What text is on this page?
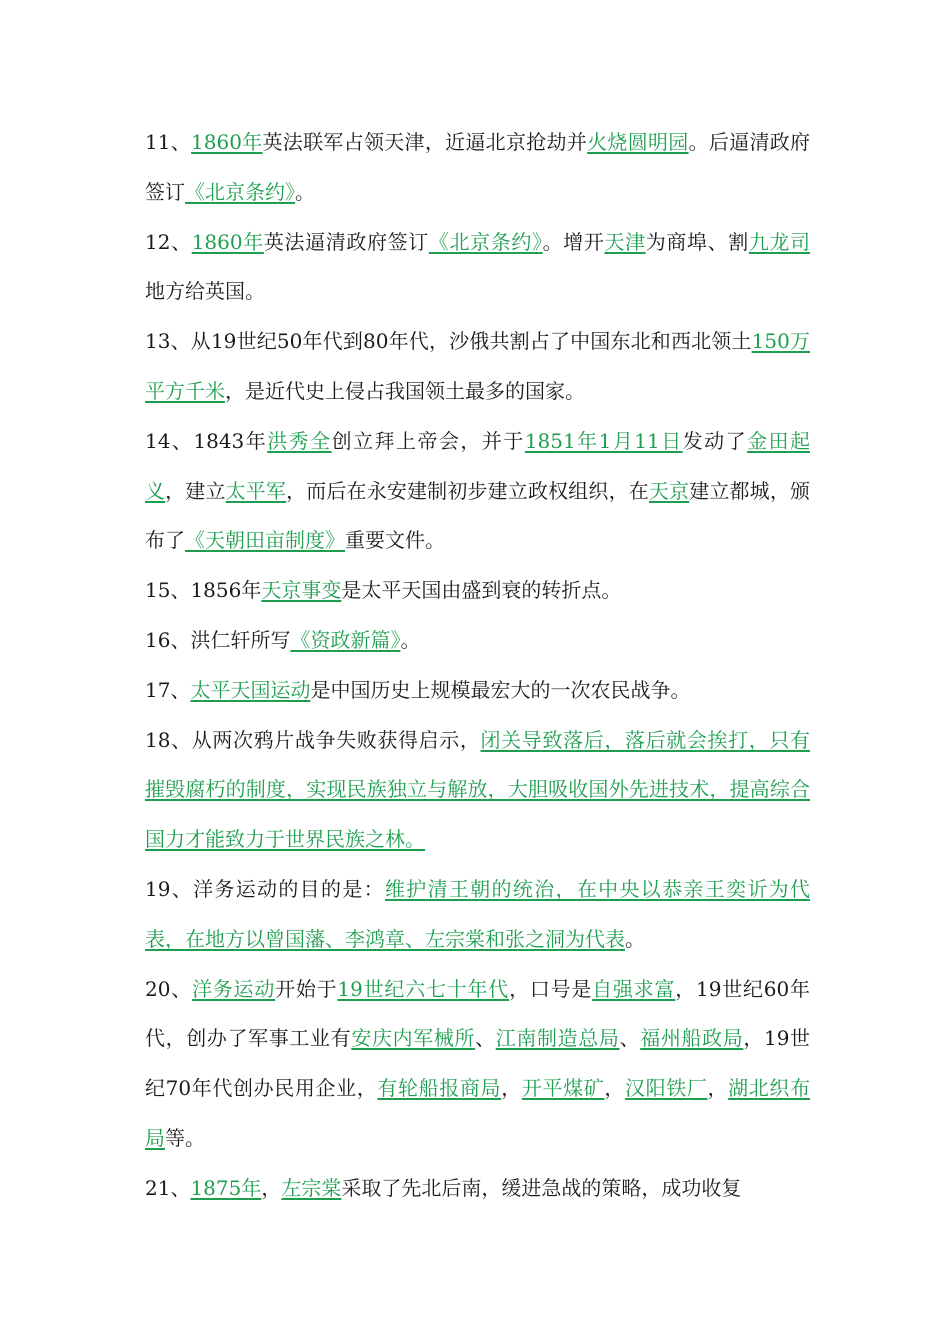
11、1860年英法联军占领天津，近逼北京抢劫并火烧圆明园。后逼清政府签订《北京条约》。

12、1860年英法逼清政府签订《北京条约》。增开天津为商埠、割九龙司地方给英国。

13、从19世纪50年代到80年代，沙俄共割占了中国东北和西北领土150万平方千米，是近代史上侵占我国领土最多的国家。

14、1843年洪秀全创立拜上帝会，并于1851年1月11日发动了金田起义，建立太平军，而后在永安建制初步建立政权组织，在天京建立都城，颁布了《天朝田亩制度》重要文件。

15、1856年天京事变是太平天国由盛到衰的转折点。

16、洪仁轩所写《资政新篇》。

17、太平天国运动是中国历史上规模最宏大的一次农民战争。

18、从两次鸦片战争失败获得启示，闭关导致落后，落后就会挨打，只有摧毁腐朽的制度，实现民族独立与解放，大胆吸收国外先进技术，提高综合国力才能致力于世界民族之林。

19、洋务运动的目的是：维护清王朝的统治，在中央以恭亲王奕䜣为代表，在地方以曾国藩、李鸿章、左宗棠和张之洞为代表。

20、洋务运动开始于19世纪六七十年代，口号是自强求富，19世纪60年代，创办了军事工业有安庆内军械所、江南制造总局、福州船政局，19世纪70年代创办民用企业，有轮船报商局，开平煤矿，汉阳铁厂，湖北织布局等。

21、1875年，左宗棠采取了先北后南，缓进急战的策略，成功收复
